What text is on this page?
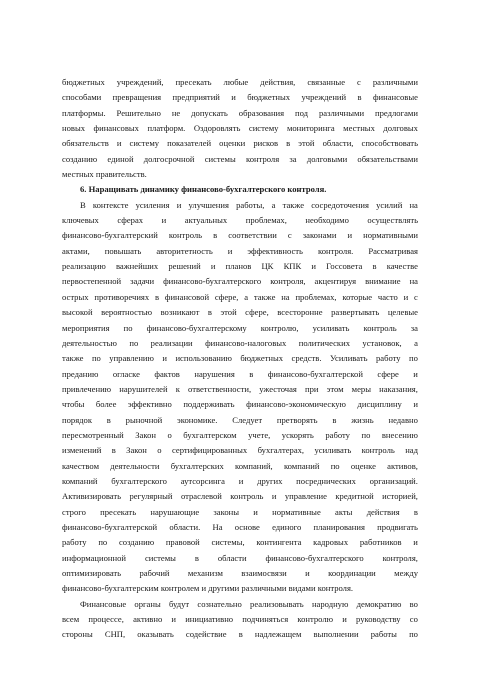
бюджетных учреждений, пресекать любые действия, связанные с различными
способами превращения предприятий и бюджетных учреждений в финансовые
платформы. Решительно не допускать образования под различными предлогами
новых финансовых платформ. Оздоровлять систему мониторинга местных долговых
обязательств и систему показателей оценки рисков в этой области, способствовать
созданию единой долгосрочной системы контроля за долговыми обязательствами
местных правительств.
6. Наращивать динамику финансово-бухгалтерского контроля.
В контексте усиления и улучшения работы, а также сосредоточения усилий на
ключевых сферах и актуальных проблемах, необходимо осуществлять
финансово-бухгалтерский контроль в соответствии с законами и нормативными
актами, повышать авторитетность и эффективность контроля. Рассматривая
реализацию важнейших решений и планов ЦК КПК и Госсовета в качестве
первостепенной задачи финансово-бухгалтерского контроля, акцентируя внимание на
острых противоречиях в финансовой сфере, а также на проблемах, которые часто и с
высокой вероятностью возникают в этой сфере, всесторонне развертывать целевые
мероприятия по финансово-бухгалтерскому контролю, усиливать контроль за
деятельностью по реализации финансово-налоговых политических установок, а
также по управлению и использованию бюджетных средств. Усиливать работу по
преданию огласке фактов нарушения в финансово-бухгалтерской сфере и
привлечению нарушителей к ответственности, ужесточая при этом меры наказания,
чтобы более эффективно поддерживать финансово-экономическую дисциплину и
порядок в рыночной экономике. Следует претворять в жизнь недавно
пересмотренный Закон о бухгалтерском учете, ускорять работу по внесению
изменений в Закон о сертифицированных бухгалтерах, усиливать контроль над
качеством деятельности бухгалтерских компаний, компаний по оценке активов,
компаний бухгалтерского аутсорсинга и других посреднических организаций.
Активизировать регулярный отраслевой контроль и управление кредитной историей,
строго пресекать нарушающие законы и нормативные акты действия в
финансово-бухгалтерской области. На основе единого планирования продвигать
работу по созданию правовой системы, контингента кадровых работников и
информационной системы в области финансово-бухгалтерского контроля,
оптимизировать рабочий механизм взаимосвязи и координации между
финансово-бухгалтерским контролем и другими различными видами контроля.
Финансовые органы будут сознательно реализовывать народную демократию во
всем процессе, активно и инициативно подчиняться контролю и руководству со
стороны СНП, оказывать содействие в надлежащем выполнении работы по
